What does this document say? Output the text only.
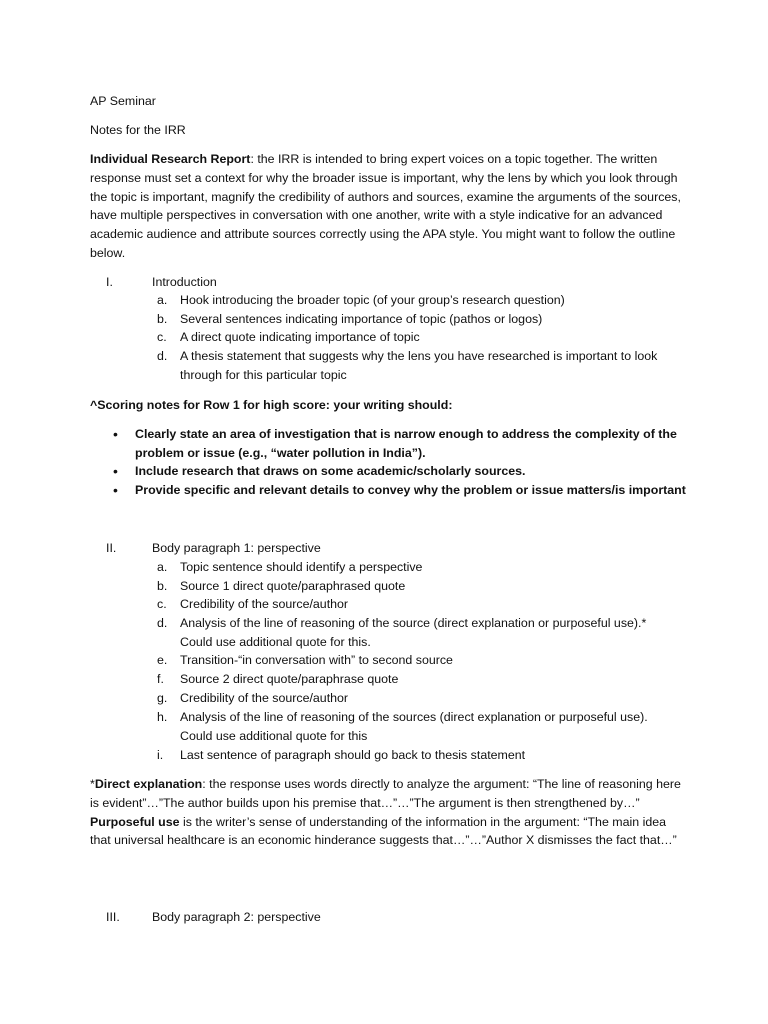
AP Seminar
Notes for the IRR
Individual Research Report: the IRR is intended to bring expert voices on a topic together. The written response must set a context for why the broader issue is important, why the lens by which you look through the topic is important, magnify the credibility of authors and sources, examine the arguments of the sources, have multiple perspectives in conversation with one another, write with a style indicative for an advanced academic audience and attribute sources correctly using the APA style. You might want to follow the outline below.
I.	Introduction
a.	Hook introducing the broader topic (of your group’s research question)
b.	Several sentences indicating importance of topic (pathos or logos)
c.	A direct quote indicating importance of topic
d.	A thesis statement that suggests why the lens you have researched is important to look through for this particular topic
^Scoring notes for Row 1 for high score: your writing should:
• Clearly state an area of investigation that is narrow enough to address the complexity of the problem or issue (e.g., “water pollution in India”).
• Include research that draws on some academic/scholarly sources.
• Provide specific and relevant details to convey why the problem or issue matters/is important
II.	Body paragraph 1: perspective
a.	Topic sentence should identify a perspective
b.	Source 1 direct quote/paraphrased quote
c.	Credibility of the source/author
d.	Analysis of the line of reasoning of the source (direct explanation or purposeful use).* Could use additional quote for this.
e.	Transition-“in conversation with” to second source
f.	Source 2 direct quote/paraphrase quote
g.	Credibility of the source/author
h.	Analysis of the line of reasoning of the sources (direct explanation or purposeful use). Could use additional quote for this
i.	Last sentence of paragraph should go back to thesis statement
*Direct explanation: the response uses words directly to analyze the argument: “The line of reasoning here is evident”…”The author builds upon his premise that…”…”The argument is then strengthened by…” Purposeful use is the writer’s sense of understanding of the information in the argument: “The main idea that universal healthcare is an economic hinderance suggests that…”…”Author X dismisses the fact that…”
III.	Body paragraph 2: perspective
